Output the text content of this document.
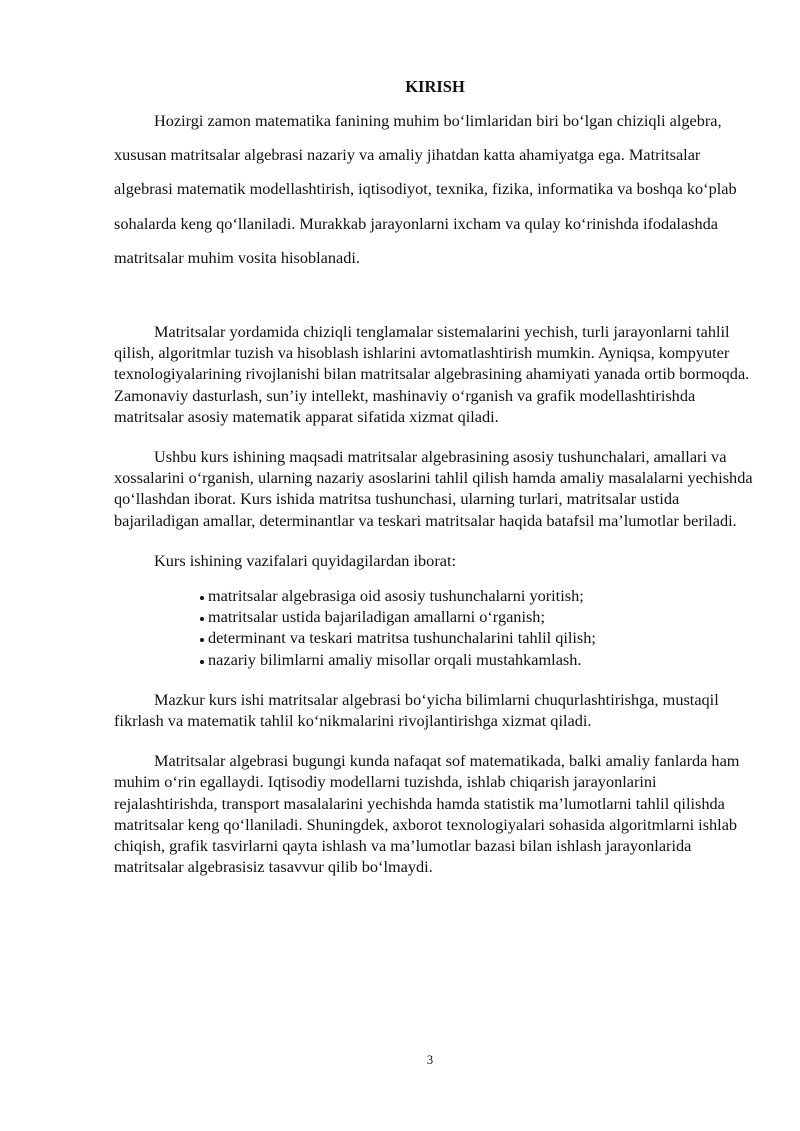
KIRISH

Hozirgi zamon matematika fanining muhim boʻlimlaridan biri boʻlgan chiziqli algebra, xususan matritsalar algebrasi nazariy va amaliy jihatdan katta ahamiyatga ega. Matritsalar algebrasi matematik modellashtirish, iqtisodiyot, texnika, fizika, informatika va boshqa koʻplab sohalarda keng qoʻllaniladi. Murakkab jarayonlarni ixcham va qulay koʻrinishda ifodalashda matritsalar muhim vosita hisoblanadi.

Matritsalar yordamida chiziqli tenglamalar sistemalarini yechish, turli jarayonlarni tahlil qilish, algoritmlar tuzish va hisoblash ishlarini avtomatlashtirish mumkin. Ayniqsa, kompyuter texnologiyalarining rivojlanishi bilan matritsalar algebrasining ahamiyati yanada ortib bormoqda. Zamonaviy dasturlash, sun’iy intellekt, mashinaviy oʻrganish va grafik modellashtirishda matritsalar asosiy matematik apparat sifatida xizmat qiladi.

Ushbu kurs ishining maqsadi matritsalar algebrasining asosiy tushunchalari, amallari va xossalarini oʻrganish, ularning nazariy asoslarini tahlil qilish hamda amaliy masalalarni yechishda qoʻllashdan iborat. Kurs ishida matritsa tushunchasi, ularning turlari, matritsalar ustida bajariladigan amallar, determinantlar va teskari matritsalar haqida batafsil ma’lumotlar beriladi.

Kurs ishining vazifalari quyidagilardan iborat:

matritsalar algebrasiga oid asosiy tushunchalarni yoritish;
matritsalar ustida bajariladigan amallarni oʻrganish;
determinant va teskari matritsa tushunchalarini tahlil qilish;
nazariy bilimlarni amaliy misollar orqali mustahkamlash.

Mazkur kurs ishi matritsalar algebrasi boʻyicha bilimlarni chuqurlashtirishga, mustaqil fikrlash va matematik tahlil koʻnikmalarini rivojlantirishga xizmat qiladi.

Matritsalar algebrasi bugungi kunda nafaqat sof matematikada, balki amaliy fanlarda ham muhim oʻrin egallaydi. Iqtisodiy modellarni tuzishda, ishlab chiqarish jarayonlarini rejalashtirishda, transport masalalarini yechishda hamda statistik ma’lumotlarni tahlil qilishda matritsalar keng qoʻllaniladi. Shuningdek, axborot texnologiyalari sohasida algoritmlarni ishlab chiqish, grafik tasvirlarni qayta ishlash va ma’lumotlar bazasi bilan ishlash jarayonlarida matritsalar algebrasisiz tasavvur qilib boʻlmaydi.

3
